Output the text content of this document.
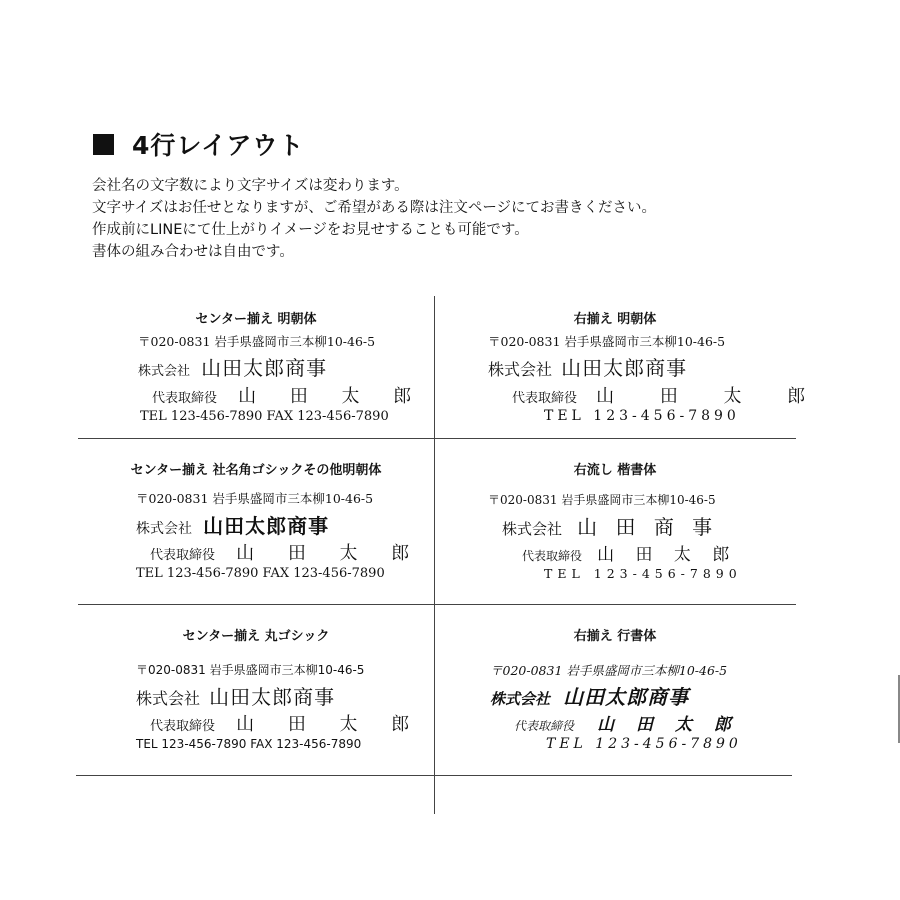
4行レイアウト
会社名の文字数により文字サイズは変わります。
文字サイズはお任せとなりますが、ご希望がある際は注文ページにてお書きください。
作成前にLINEにて仕上がりイメージをお見せすることも可能です。
書体の組み合わせは自由です。
センター揃え 明朝体
〒020-0831 岩手県盛岡市三本柳10-46-5
株式会社 山田太郎商事
代表取締役 山 田 太 郎
TEL 123-456-7890 FAX 123-456-7890
右揃え 明朝体
〒020-0831 岩手県盛岡市三本柳10-46-5
株式会社 山田太郎商事
代表取締役 山 田 太 郎
TEL 123-456-7890
センター揃え 社名角ゴシックその他明朝体
〒020-0831 岩手県盛岡市三本柳10-46-5
株式会社 山田太郎商事
代表取締役 山 田 太 郎
TEL 123-456-7890 FAX 123-456-7890
右流し 楷書体
〒020-0831 岩手県盛岡市三本柳10-46-5
株式会社 山 田 商 事
代表取締役 山 田 太 郎
TEL 123-456-7890
センター揃え 丸ゴシック
〒020-0831 岩手県盛岡市三本柳10-46-5
株式会社 山田太郎商事
代表取締役 山 田 太 郎
TEL 123-456-7890 FAX 123-456-7890
右揃え 行書体
〒020-0831 岩手県盛岡市三本柳10-46-5
株式会社 山田太郎商事
代表取締役 山 田 太 郎
TEL 123-456-7890
